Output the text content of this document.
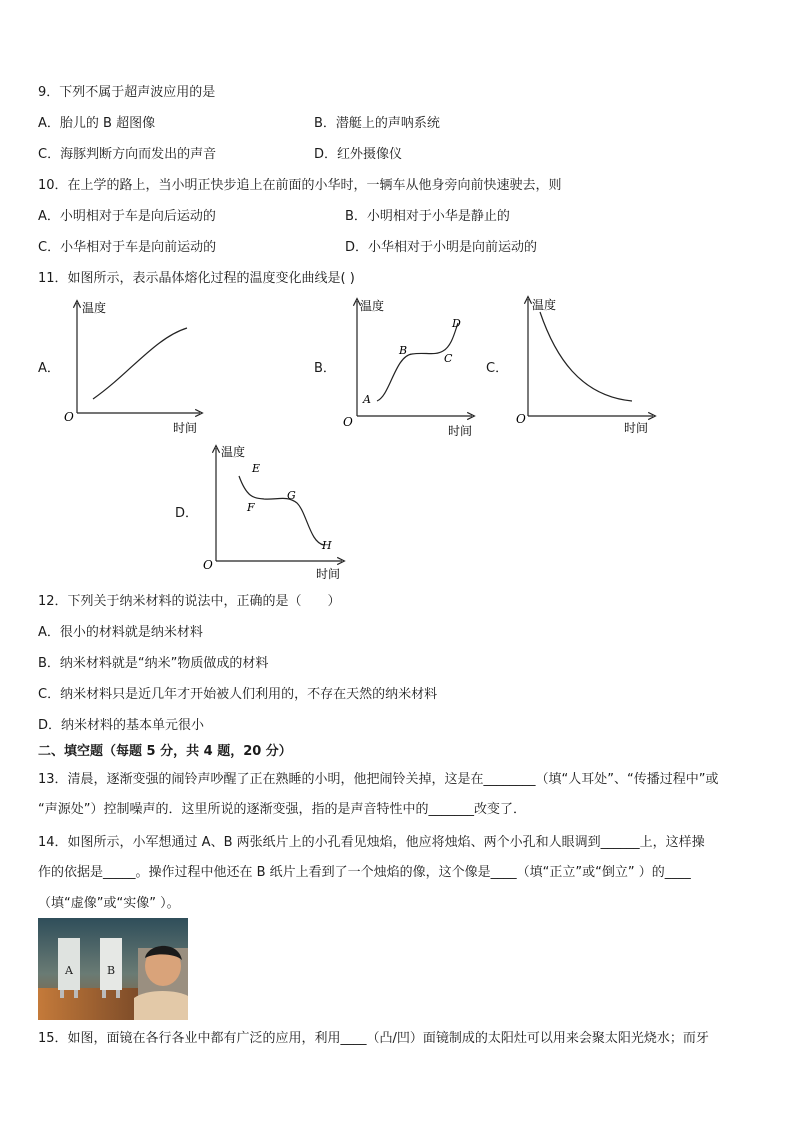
9．下列不属于超声波应用的是
A．胎儿的 B 超图像	B．潜艇上的声呐系统
C．海豚判断方向而发出的声音	D．红外摄像仪
10．在上学的路上，当小明正快步追上在前面的小华时，一辆车从他身旁向前快速驶去，则
A．小明相对于车是向后运动的	B．小明相对于小华是静止的
C．小华相对于车是向前运动的	D．小华相对于小明是向前运动的
11．如图所示，表示晶体熔化过程的温度变化曲线是( )
A．
温度
O
时间
B．
温度
O
时间
A
B
C
D
C．
温度
O
时间
D．
温度
O
时间
E
F
G
H
12．下列关于纳米材料的说法中，正确的是（　　）
A．很小的材料就是纳米材料
B．纳米材料就是“纳米”物质做成的材料
C．纳米材料只是近几年才开始被人们利用的，不存在天然的纳米材料
D．纳米材料的基本单元很小
二、填空题（每题 5 分，共 4 题，20 分）
13．清晨，逐渐变强的闹铃声吵醒了正在熟睡的小明，他把闹铃关掉，这是在________（填“人耳处”、“传播过程中”或
“声源处”）控制噪声的．这里所说的逐渐变强，指的是声音特性中的_______改变了．
14．如图所示，小军想通过 A、B 两张纸片上的小孔看见烛焰，他应将烛焰、两个小孔和人眼调到______上，这样操
作的依据是_____。操作过程中他还在 B 纸片上看到了一个烛焰的像，这个像是____（填“正立”或“倒立” ）的____
（填“虚像”或“实像” ）。
A	B
15．如图，面镜在各行各业中都有广泛的应用，利用____（凸/凹）面镜制成的太阳灶可以用来会聚太阳光烧水；而牙
